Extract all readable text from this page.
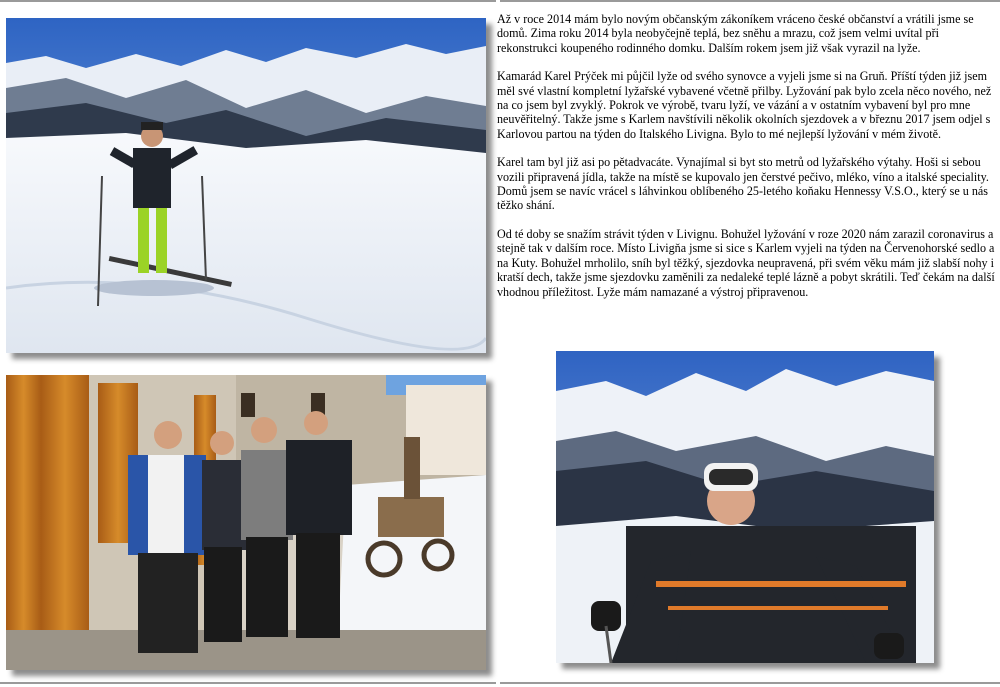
Až v roce 2014 mám bylo novým občanským zákoníkem vráceno české občanství a vrátili jsme se domů. Zima roku 2014 byla neobyčejně teplá, bez sněhu a mrazu, což jsem velmi uvítal při rekonstrukci koupeného rodinného domku. Dalším rokem jsem již však vyrazil na lyže.

Kamarád Karel Prýček mi půjčil lyže od svého synovce a vyjeli jsme si na Gruň. Příští týden již jsem měl své vlastní kompletní lyžařské vybavené včetně přilby. Lyžování pak bylo zcela něco nového, než na co jsem byl zvyklý. Pokrok ve výrobě, tvaru lyží, ve vázání a v ostatním vybavení byl pro mne neuvěřitelný. Takže jsme s Karlem navštívili několik okolních sjezdovek a v březnu 2017 jsem odjel s Karlovou partou na týden do Italského Livigna. Bylo to mé nejlepší lyžování v mém životě.

Karel tam byl již asi po pětadvacáte. Vynajímal si byt sto metrů od lyžařského výtahy. Hoši si sebou vozili připravená jídla, takže na místě se kupovalo jen čerstvé pečivo, mléko, víno a italské speciality. Domů jsem se navíc vrácel s láhvinkou oblíbeného 25-letého koňaku Hennessy V.S.O., který se u nás těžko shání.

Od té doby se snažím strávit týden v Livignu. Bohužel lyžování v roze 2020 nám zarazil coronavirus a stejně tak v dalším roce. Místo Livigňa jsme si sice s Karlem vyjeli na týden na Červenohorské sedlo a na Kuty. Bohužel mrholilo, sníh byl těžký, sjezdovka neupravená, při svém věku mám již slabší nohy i kratší dech, takže jsme sjezdovku zaměnili za nedaleké teplé lázně a pobyt skrátili. Teď čekám na další vhodnou příležitost. Lyže mám namazané a výstroj připravenou.
